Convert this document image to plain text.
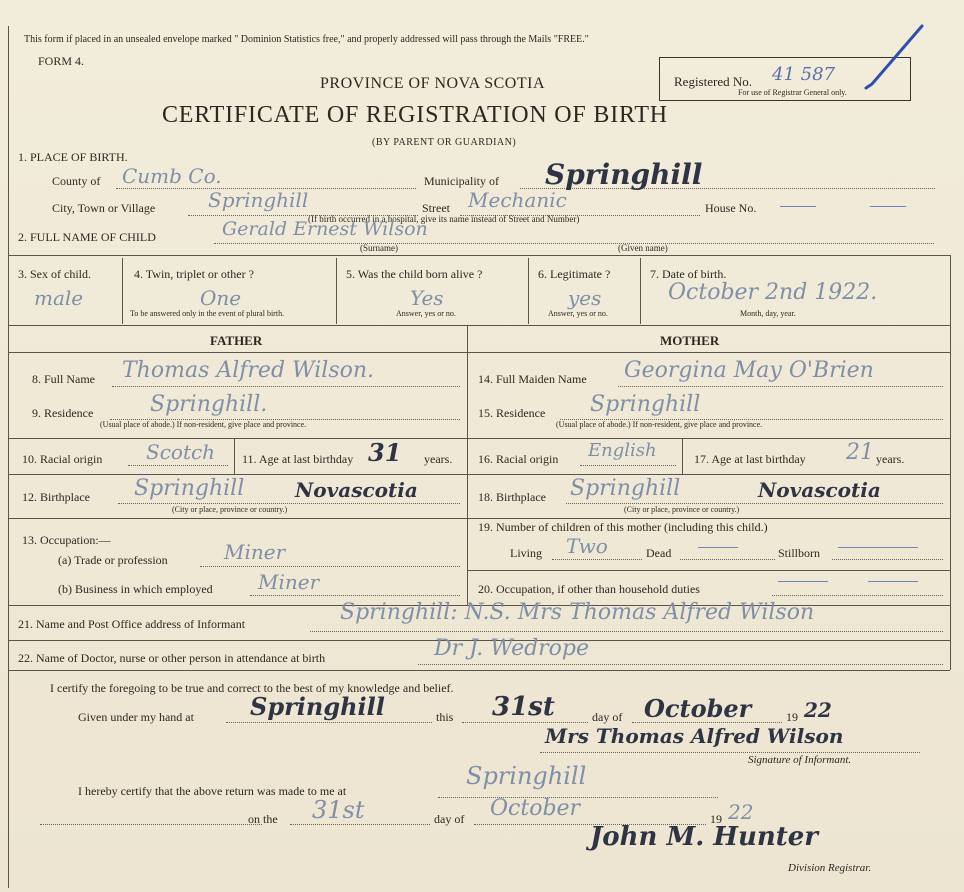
This form if placed in an unsealed envelope marked " Dominion Statistics free," and properly addressed will pass through the Mails "FREE."
FORM 4.
Registered No. 41 587
For use of Registrar General only.
PROVINCE OF NOVA SCOTIA
CERTIFICATE OF REGISTRATION OF BIRTH
(BY PARENT OR GUARDIAN)
1. PLACE OF BIRTH.
County of Cumb Co.	Municipality of Springhill
City, Town or Village	Springhill	Street Mechanic	House No.
(If birth occurred in a hospital, give its name instead of Street and Number)
2. FULL NAME OF CHILD	Gerald Ernest Wilson
(Surname)	(Given name)
3. Sex of child.
male
4. Twin, triplet or other ?
One
To be answered only in the event of plural birth.
5. Was the child born alive ?
Yes
Answer, yes or no.
6. Legitimate ?
yes
Answer, yes or no.
7. Date of birth.
October 2nd 1922.
Month, day, year.
FATHER	MOTHER
8. Full Name Thomas Alfred Wilson.
9. Residence	Springhill.
(Usual place of abode.) If non-resident, give place and province.
10. Racial origin Scotch 11. Age at last birthday 31 years.
12. Birthplace Springhill	Novascotia
(City or place, province or country.)
13. Occupation:—
(a) Trade or profession	Miner
(b) Business in which employed Miner
14. Full Maiden Name Georgina May O'Brien
15. Residence Springhill
(Usual place of abode.) If non-resident, give place and province.
16. Racial origin English	17. Age at last birthday 21 years.
18. Birthplace Springhill	Novascotia
(City or place, province or country.)
19. Number of children of this mother (including this child.)
Living Two	Dead	Stillborn
20. Occupation, if other than household duties
21. Name and Post Office address of Informant	Springhill: N.S. Mrs Thomas Alfred Wilson
22. Name of Doctor, nurse or other person in attendance at birth	Dr J. Wedrope
I certify the foregoing to be true and correct to the best of my knowledge and belief.
Given under my hand at Springhill	this 31st	day of October	19 22
Mrs Thomas Alfred Wilson
Signature of Informant.
I hereby certify that the above return was made to me at
Springhill
on the 31st	day of October	19 22
John M. Hunter
Division Registrar.
